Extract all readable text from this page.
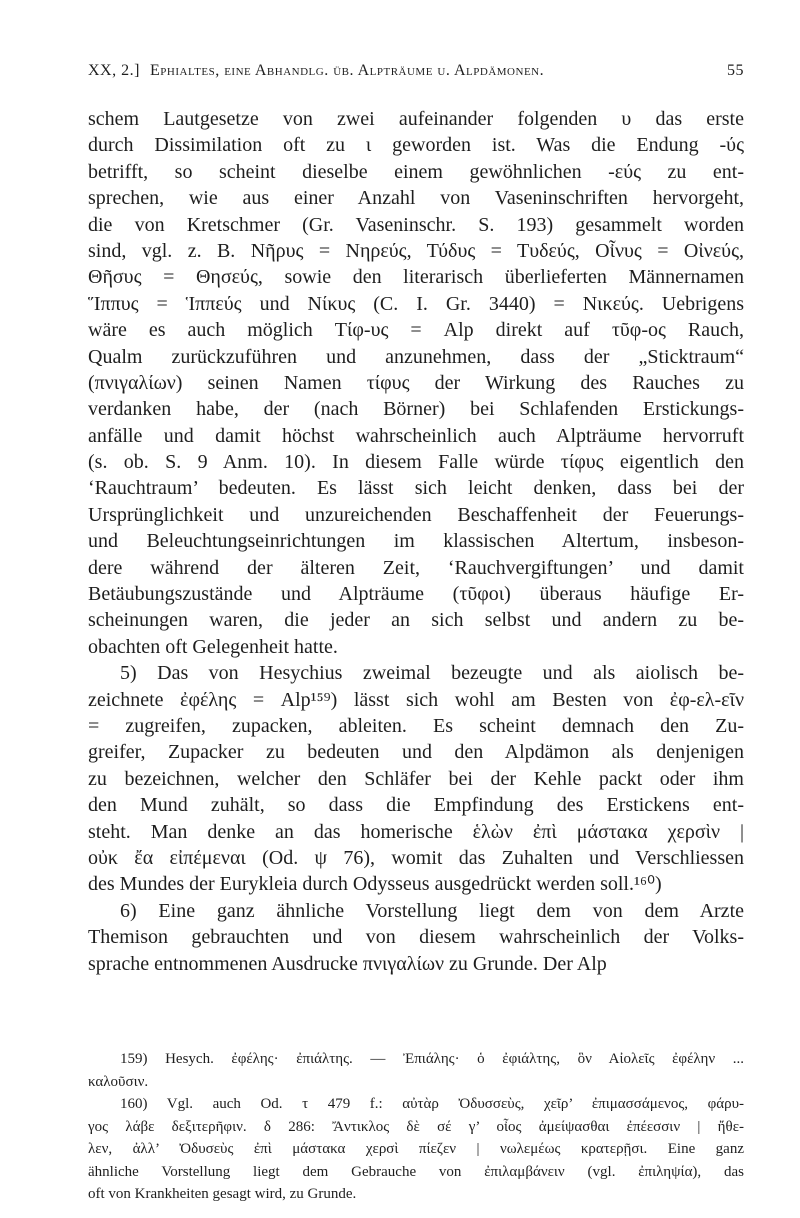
XX, 2.] Ephialtes, eine Abhandlg. üb. Alpträume u. Alpdämonen.	55
schem Lautgesetze von zwei aufeinander folgenden υ das erste
durch Dissimilation oft zu ι geworden ist. Was die Endung -ύς
betrifft, so scheint dieselbe einem gewöhnlichen -εύς zu ent-
sprechen, wie aus einer Anzahl von Vaseninschriften hervorgeht,
die von Kretschmer (Gr. Vaseninschr. S. 193) gesammelt worden
sind, vgl. z. B. Νῆρυς = Νηρεύς, Τύδυς = Τυδεύς, Οἶνυς = Οἰνεύς,
Θῆσυς = Θησεύς, sowie den literarisch überlieferten Männernamen
Ἵππυς = Ἱππεύς und Νίκυς (C. I. Gr. 3440) = Νικεύς. Uebrigens
wäre es auch möglich Τίφ-υς = Alp direkt auf τῦφ-ος Rauch,
Qualm zurückzuführen und anzunehmen, dass der „Sticktraum“
(πνιγαλίων) seinen Namen τίφυς der Wirkung des Rauches zu
verdanken habe, der (nach Börner) bei Schlafenden Erstickungs-
anfälle und damit höchst wahrscheinlich auch Alpträume hervorruft
(s. ob. S. 9 Anm. 10). In diesem Falle würde τίφυς eigentlich den
‘Rauchtraum’ bedeuten. Es lässt sich leicht denken, dass bei der
Ursprünglichkeit und unzureichenden Beschaffenheit der Feuerungs-
und Beleuchtungseinrichtungen im klassischen Altertum, insbeson-
dere während der älteren Zeit, ‘Rauchvergiftungen’ und damit
Betäubungszustände und Alpträume (τῦφοι) überaus häufige Er-
scheinungen waren, die jeder an sich selbst und andern zu be-
obachten oft Gelegenheit hatte.
5) Das von Hesychius zweimal bezeugte und als aiolisch be-
zeichnete ἐφέλης = Alp¹⁵⁹) lässt sich wohl am Besten von ἐφ-ελ-εῖν
= zugreifen, zupacken, ableiten. Es scheint demnach den Zu-
greifer, Zupacker zu bedeuten und den Alpdämon als denjenigen
zu bezeichnen, welcher den Schläfer bei der Kehle packt oder ihm
den Mund zuhält, so dass die Empfindung des Erstickens ent-
steht. Man denke an das homerische ἑλὼν ἐπὶ μάστακα χερσὶν |
οὐκ ἔα εἰπέμεναι (Od. ψ 76), womit das Zuhalten und Verschliessen
des Mundes der Eurykleia durch Odysseus ausgedrückt werden soll.¹⁶⁰)
6) Eine ganz ähnliche Vorstellung liegt dem von dem Arzte
Themison gebrauchten und von diesem wahrscheinlich der Volks-
sprache entnommenen Ausdrucke πνιγαλίων zu Grunde. Der Alp
159) Hesych. ἐφέλης· ἐπιάλτης. — Ἐπιάλης· ὁ ἐφιάλτης, ὃν Αἰολεῖς ἐφέλην ...
καλοῦσιν.
160) Vgl. auch Od. τ 479 f.: αὐτὰρ Ὀδυσσεὺς, χεῖρ’ ἐπιμασσάμενος, φάρυ-
γος λάβε δεξιτερῆφιν. δ 286: Ἄντικλος δὲ σέ γ’ οἶος ἀμείψασθαι ἐπέεσσιν | ἤθε-
λεν, ἀλλ’ Ὀδυσεὺς ἐπὶ μάστακα χερσὶ πίεζεν | νωλεμέως κρατερῇσι. Eine ganz
ähnliche Vorstellung liegt dem Gebrauche von ἐπιλαμβάνειν (vgl. ἐπιληψία), das
oft von Krankheiten gesagt wird, zu Grunde.
